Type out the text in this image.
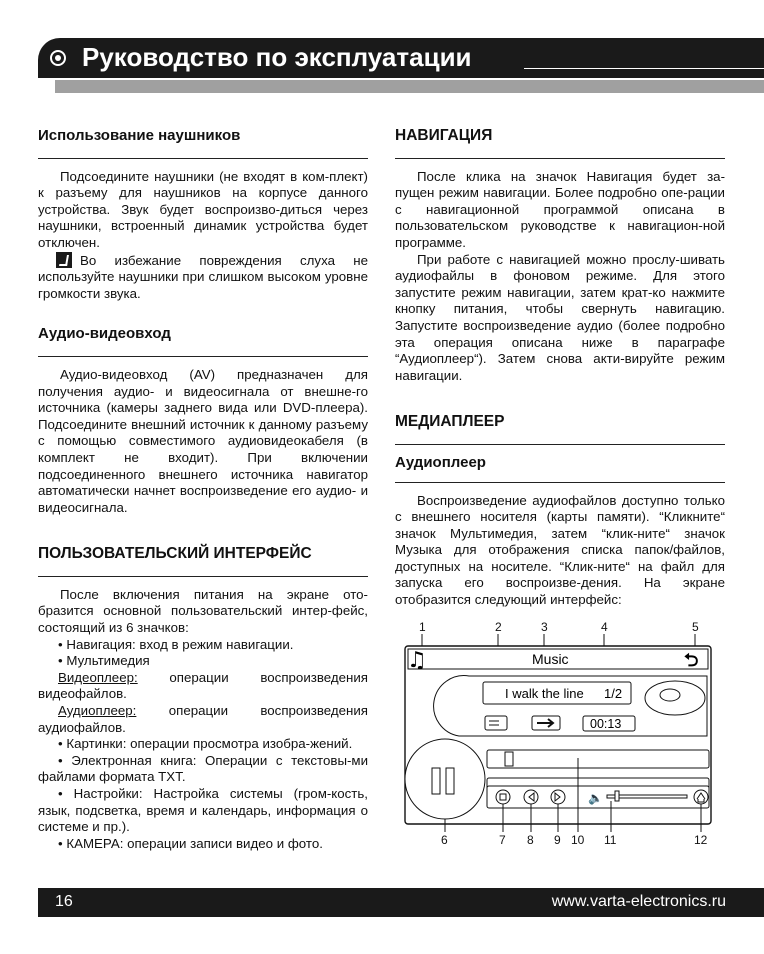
Руководство по эксплуатации
Использование наушников

Подсоедините наушники (не входят в ком-плект) к разъему для наушников на корпусе данного устройства. Звук будет воспроизво-диться через наушники, встроенный динамик устройства будет отключен.

Во избежание повреждения слуха не используйте наушники при слишком высоком уровне громкости звука.

Аудио-видеовход

Аудио-видеовход (AV) предназначен для получения аудио- и видеосигнала от внешне-го источника (камеры заднего вида или DVD-плеера). Подсоедините внешний источник к данному разъему с помощью совместимого аудиовидеокабеля (в комплект не входит). При включении подсоединенного внешнего источника навигатор автоматически начнет воспроизведение его аудио- и видеосигнала.

ПОЛЬЗОВАТЕЛЬСКИЙ ИНТЕРФЕЙС

После включения питания на экране ото-бразится основной пользовательский интер-фейс, состоящий из 6 значков:

• Навигация: вход в режим навигации.

• Мультимедия

Видеоплеер: операции воспроизведения видеофайлов.

Аудиоплеер: операции воспроизведения аудиофайлов.

• Картинки: операции просмотра изобра-жений.

• Электронная книга: Операции с текстовы-ми файлами формата TXT.

• Настройки: Настройка системы (гром-кость, язык, подсветка, время и календарь, информация о системе и пр.).

• КАМЕРА: операции записи видео и фото.

НАВИГАЦИЯ

После клика на значок Навигация будет за-пущен режим навигации. Более подробно опе-рации с навигационной программой описана в пользовательском руководстве к навигацион-ной программе.

При работе с навигацией можно прослу-шивать аудиофайлы в фоновом режиме. Для этого запустите режим навигации, затем крат-ко нажмите кнопку питания, чтобы свернуть навигацию. Запустите воспроизведение аудио (более подробно эта операция описана ниже в параграфе “Аудиоплеер“). Затем снова акти-вируйте режим навигации.

МЕДИАПЛЕЕР
Аудиоплеер

Воспроизведение аудиофайлов доступно только с внешнего носителя (карты памяти). “Кликните“ значок Мультимедия, затем “клик-ните“ значок Музыка для отображения списка папок/файлов, доступных на носителе. “Клик-ните“ на файл для запуска его воспроизве-дения. На экране отобразится следующий интерфейс:

1	2	3	4	5
♫	Music	⮌
I walk the line 1/2
00:13
🔈
6	7 8 9 10 11	12
16	www.varta-electronics.ru
